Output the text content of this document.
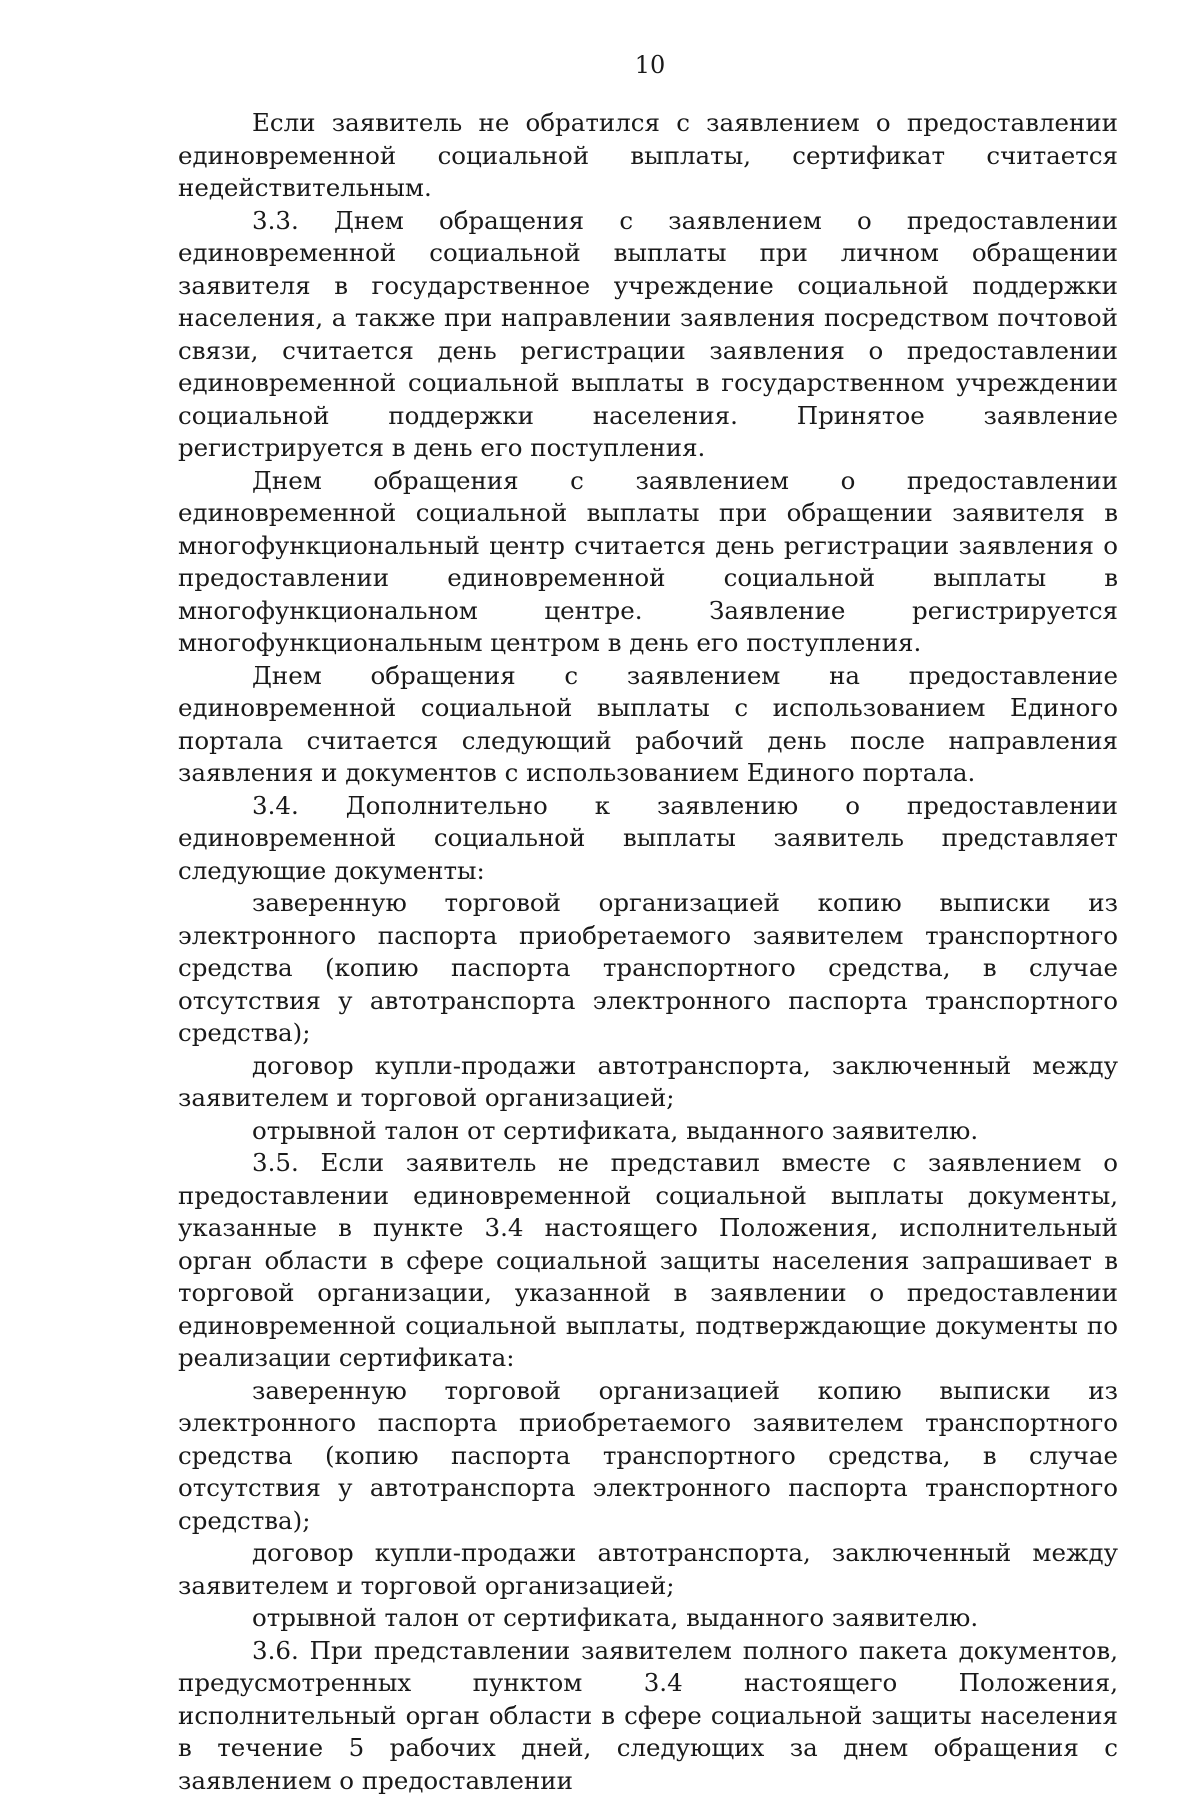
10

Если заявитель не обратился с заявлением о предоставлении единовременной социальной выплаты, сертификат считается недействительным.

3.3. Днем обращения с заявлением о предоставлении единовременной социальной выплаты при личном обращении заявителя в государственное учреждение социальной поддержки населения, а также при направлении заявления посредством почтовой связи, считается день регистрации заявления о предоставлении единовременной социальной выплаты в государственном учреждении социальной поддержки населения. Принятое заявление регистрируется в день его поступления.

Днем обращения с заявлением о предоставлении единовременной социальной выплаты при обращении заявителя в многофункциональный центр считается день регистрации заявления о предоставлении единовременной социальной выплаты в многофункциональном центре. Заявление регистрируется многофункциональным центром в день его поступления.

Днем обращения с заявлением на предоставление единовременной социальной выплаты с использованием Единого портала считается следующий рабочий день после направления заявления и документов с использованием Единого портала.

3.4. Дополнительно к заявлению о предоставлении единовременной социальной выплаты заявитель представляет следующие документы:

заверенную торговой организацией копию выписки из электронного паспорта приобретаемого заявителем транспортного средства (копию паспорта транспортного средства, в случае отсутствия у автотранспорта электронного паспорта транспортного средства);

договор купли-продажи автотранспорта, заключенный между заявителем и торговой организацией;

отрывной талон от сертификата, выданного заявителю.

3.5. Если заявитель не представил вместе с заявлением о предоставлении единовременной социальной выплаты документы, указанные в пункте 3.4 настоящего Положения, исполнительный орган области в сфере социальной защиты населения запрашивает в торговой организации, указанной в заявлении о предоставлении единовременной социальной выплаты, подтверждающие документы по реализации сертификата:

заверенную торговой организацией копию выписки из электронного паспорта приобретаемого заявителем транспортного средства (копию паспорта транспортного средства, в случае отсутствия у автотранспорта электронного паспорта транспортного средства);

договор купли-продажи автотранспорта, заключенный между заявителем и торговой организацией;

отрывной талон от сертификата, выданного заявителю.

3.6. При представлении заявителем полного пакета документов, предусмотренных пунктом 3.4 настоящего Положения, исполнительный орган области в сфере социальной защиты населения в течение 5 рабочих дней, следующих за днем обращения с заявлением о предоставлении
